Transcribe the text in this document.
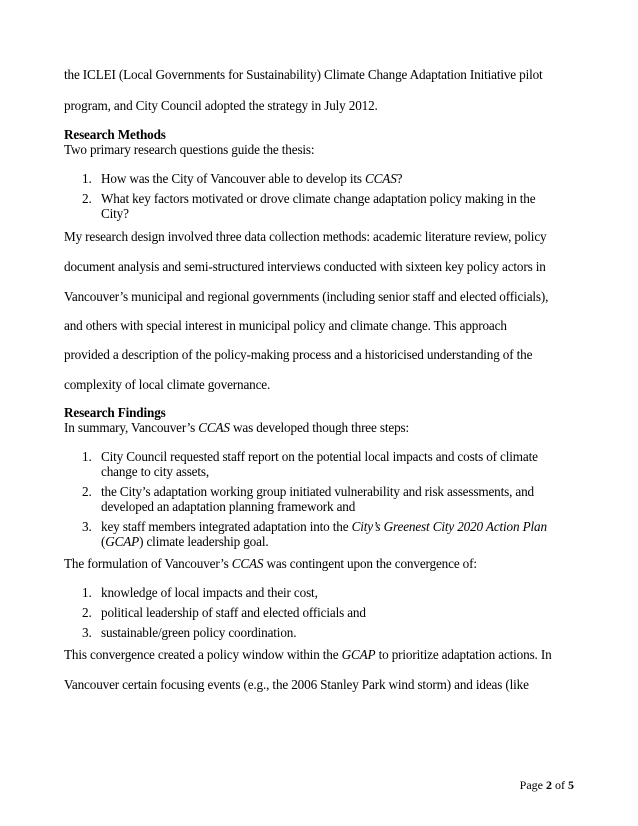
the ICLEI (Local Governments for Sustainability) Climate Change Adaptation Initiative pilot
program, and City Council adopted the strategy in July 2012.
Research Methods
Two primary research questions guide the thesis:
1. How was the City of Vancouver able to develop its CCAS?
2. What key factors motivated or drove climate change adaptation policy making in the
City?
My research design involved three data collection methods: academic literature review, policy
document analysis and semi-structured interviews conducted with sixteen key policy actors in
Vancouver’s municipal and regional governments (including senior staff and elected officials),
and others with special interest in municipal policy and climate change. This approach
provided a description of the policy-making process and a historicised understanding of the
complexity of local climate governance.
Research Findings
In summary, Vancouver’s CCAS was developed though three steps:
1. City Council requested staff report on the potential local impacts and costs of climate
change to city assets,
2. the City’s adaptation working group initiated vulnerability and risk assessments, and
developed an adaptation planning framework and
3. key staff members integrated adaptation into the City’s Greenest City 2020 Action Plan
(GCAP) climate leadership goal.
The formulation of Vancouver’s CCAS was contingent upon the convergence of:
1. knowledge of local impacts and their cost,
2. political leadership of staff and elected officials and
3. sustainable/green policy coordination.
This convergence created a policy window within the GCAP to prioritize adaptation actions. In
Vancouver certain focusing events (e.g., the 2006 Stanley Park wind storm) and ideas (like
Page 2 of 5
